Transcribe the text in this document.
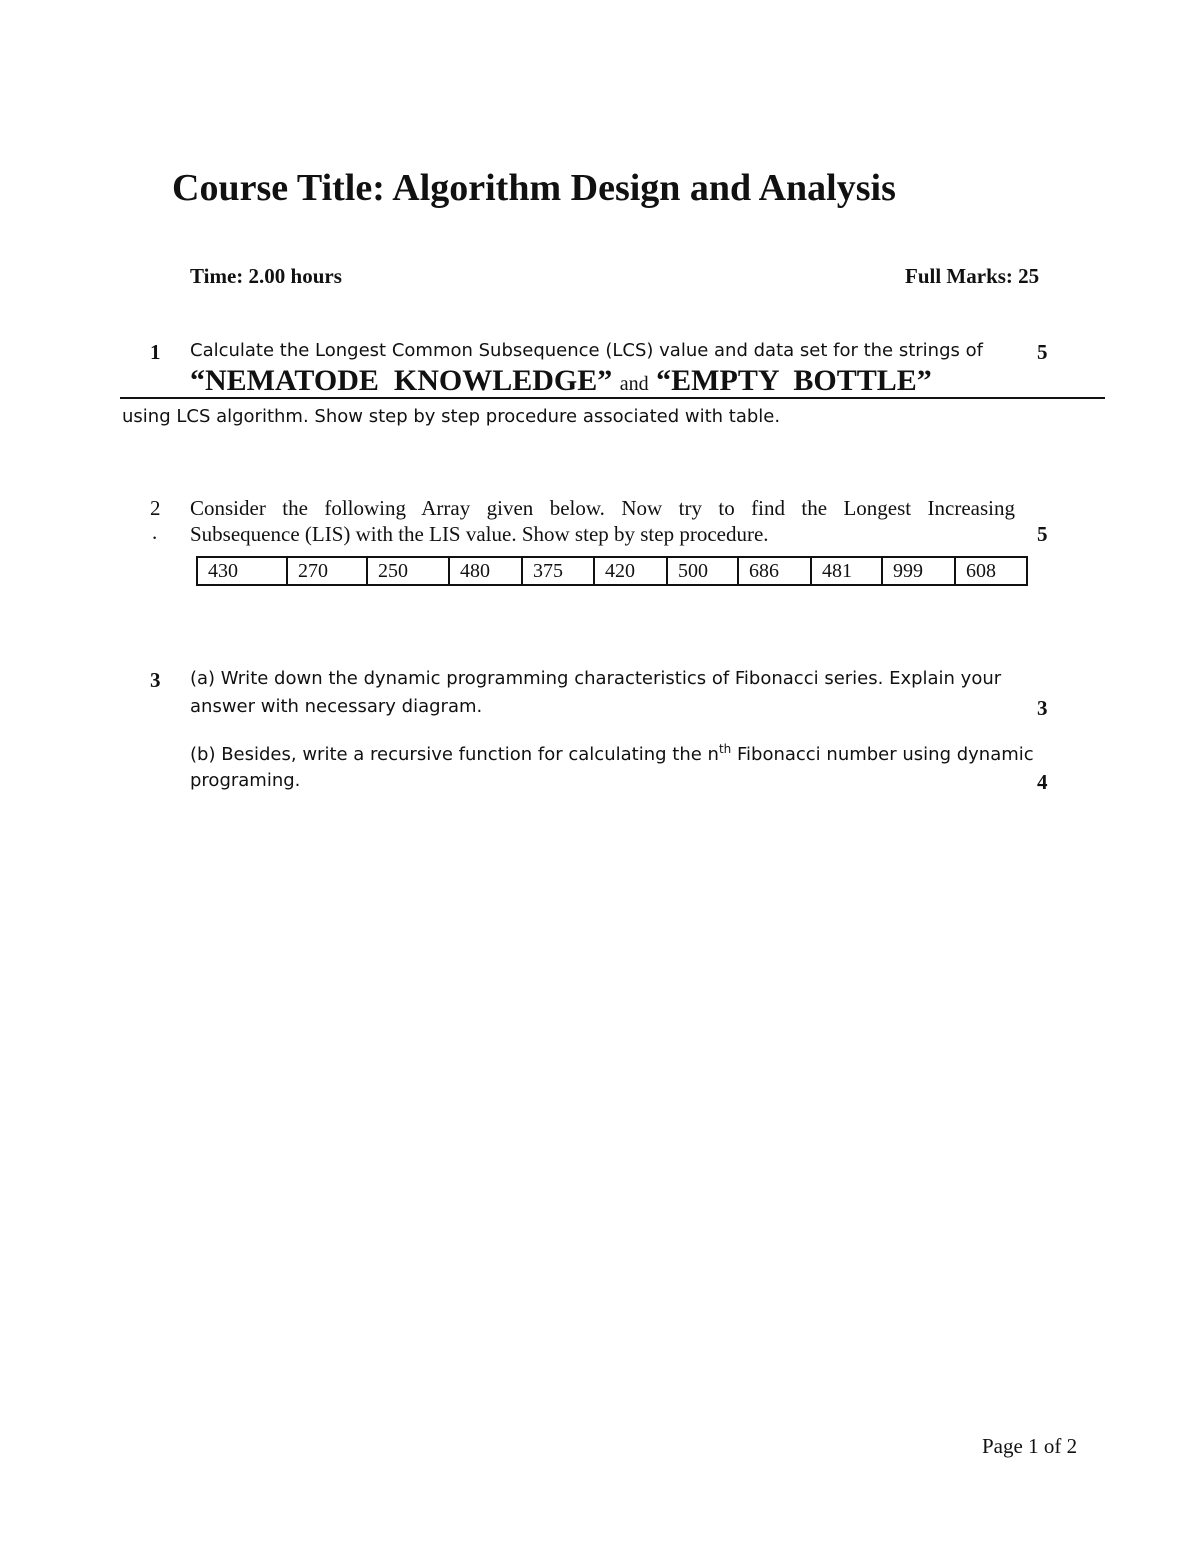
Course Title: Algorithm Design and Analysis
Time: 2.00 hours	Full Marks: 25
1 Calculate the Longest Common Subsequence (LCS) value and data set for the strings of	5
“NEMATODE  KNOWLEDGE” and “EMPTY  BOTTLE”
using LCS algorithm. Show step by step procedure associated with table.
2
.
Consider the following Array given below. Now try to find the Longest Increasing
Subsequence (LIS) with the LIS value. Show step by step procedure.	5
430	270	250	480	375	420	500	686	481	999	608
3 (a) Write down the dynamic programming characteristics of Fibonacci series. Explain your
answer with necessary diagram.	3
(b) Besides, write a recursive function for calculating the $n^{th}$ Fibonacci number using dynamic
programing.	4
Page 1 of 2
